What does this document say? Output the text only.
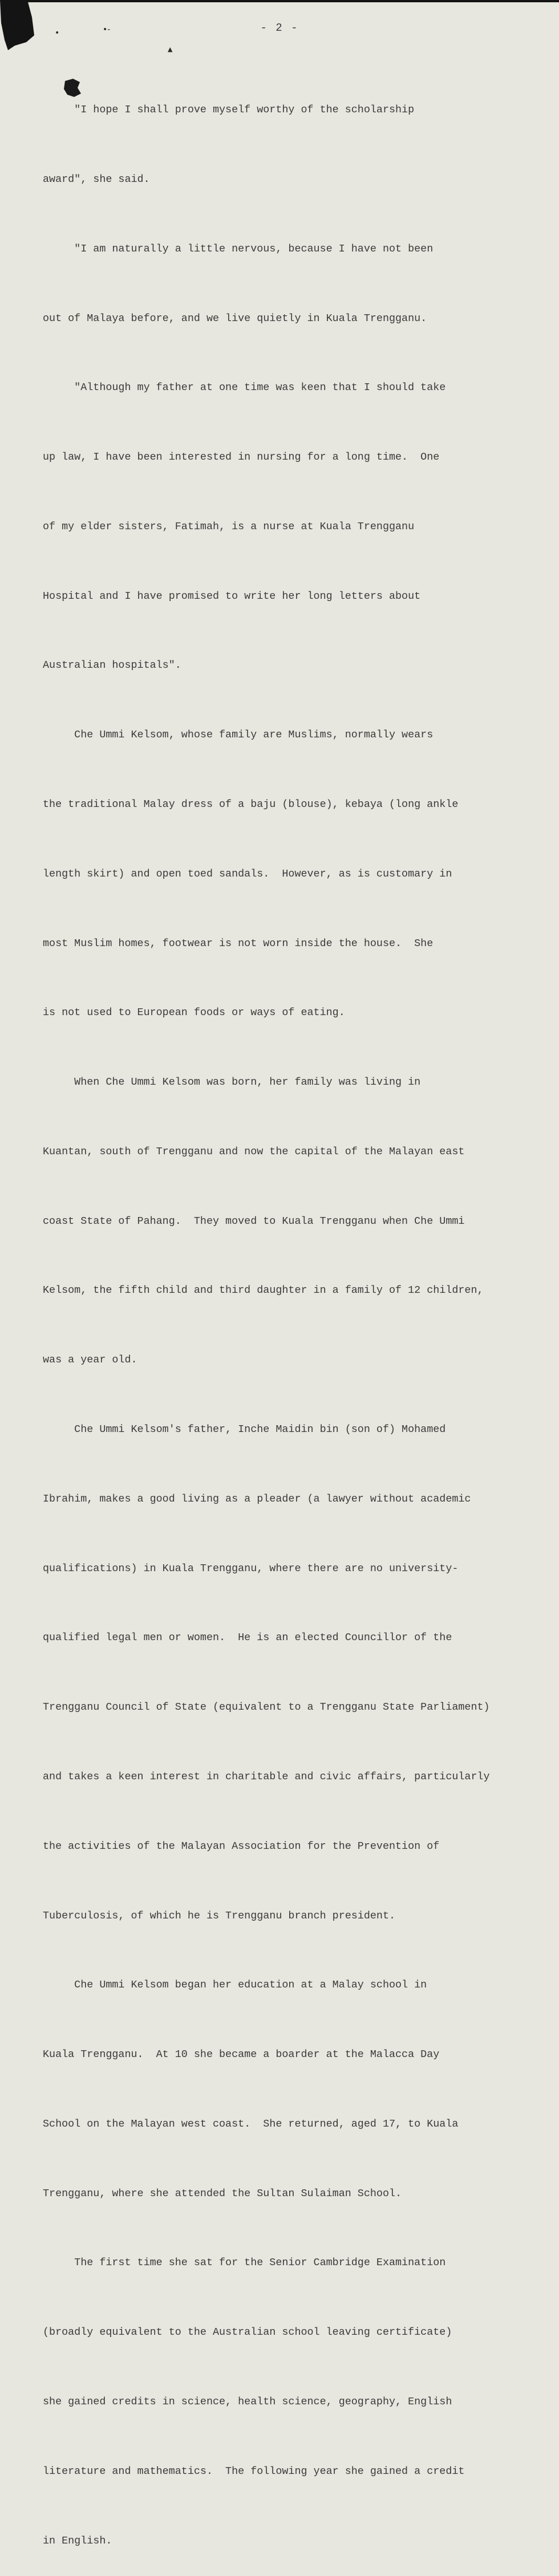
•	•‑
▲
- 2 -

"I hope I shall prove myself worthy of the scholarship

award", she said.

"I am naturally a little nervous, because I have not been

out of Malaya before, and we live quietly in Kuala Trengganu.

"Although my father at one time was keen that I should take

up law, I have been interested in nursing for a long time.  One

of my elder sisters, Fatimah, is a nurse at Kuala Trengganu

Hospital and I have promised to write her long letters about

Australian hospitals".

Che Ummi Kelsom, whose family are Muslims, normally wears

the traditional Malay dress of a baju (blouse), kebaya (long ankle

length skirt) and open toed sandals.  However, as is customary in

most Muslim homes, footwear is not worn inside the house.  She

is not used to European foods or ways of eating.

When Che Ummi Kelsom was born, her family was living in

Kuantan, south of Trengganu and now the capital of the Malayan east

coast State of Pahang.  They moved to Kuala Trengganu when Che Ummi

Kelsom, the fifth child and third daughter in a family of 12 children,

was a year old.

Che Ummi Kelsom's father, Inche Maidin bin (son of) Mohamed

Ibrahim, makes a good living as a pleader (a lawyer without academic

qualifications) in Kuala Trengganu, where there are no university-

qualified legal men or women.  He is an elected Councillor of the

Trengganu Council of State (equivalent to a Trengganu State Parliament)

and takes a keen interest in charitable and civic affairs, particularly

the activities of the Malayan Association for the Prevention of

Tuberculosis, of which he is Trengganu branch president.

Che Ummi Kelsom began her education at a Malay school in

Kuala Trengganu.  At 10 she became a boarder at the Malacca Day

School on the Malayan west coast.  She returned, aged 17, to Kuala

Trengganu, where she attended the Sultan Sulaiman School.

The first time she sat for the Senior Cambridge Examination

(broadly equivalent to the Australian school leaving certificate)

she gained credits in science, health science, geography, English

literature and mathematics.  The following year she gained a credit

in English.
